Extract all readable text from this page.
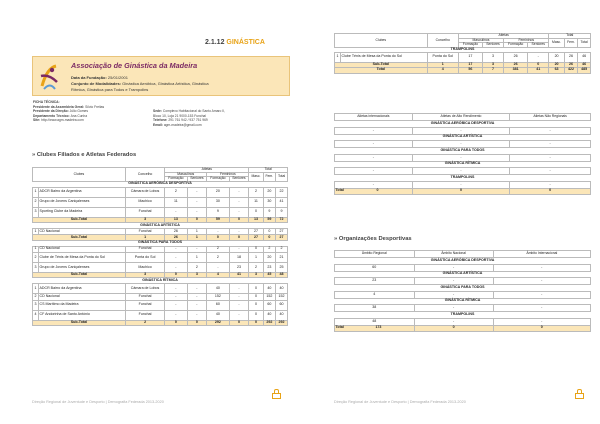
2.1.12 GINÁSTICA
Associação de Ginástica da Madeira
Data da Fundação: 25/01/2001
Conjunto de Modalidades: Ginástica Aeróbica, Ginástica Artística, Ginástica
Rítmica, Ginástica para Todos e Trampolins
FICHA TÉCNICA:
Presidente da Assembleia Geral: Sílvio Freitas
Presidente da Direção: Júlio Gomes
Departamento Técnico: Ana Cunha
Site: http://www.agm-madeira.com
Sede: Complexo Habitacional do Santo Amaro II,
Bloco 10, Loja 21 9000-153 Funchal
Telefone: 291 761 942 / 937 751 969
Email: agm-madeira@gmail.com
» Clubes Filiados e Atletas Federados
Clubes		Concelho	Atletas				Total		
			Masculinos		Femininos		Masc.	Fem.	Total
			Formação	Seniores	Formação	Seniores			
GINÁSTICA AERÓBICA DESPORTIVA									
1	ADCR Bairro da Argentina	Câmara de Lobos	2	-	20	-	2	20	22
2	Grupo de Jovens Caniçalenses	Machico	11	-	30	-	11	30	41
3	Sporting Clube da Madeira	Funchal	-	-	9	-	0	9	9
Sub-Total		3	13	0	59	0	13	59	72
GINÁSTICA ARTÍSTICA									
1	CD Nacional	Funchal	26	1	-	-	27	0	27
Sub-Total		1	26	1	0	0	27	0	27
GINÁSTICA PARA TODOS									
1	CD Nacional	Funchal	-	-	2	-	0	2	2
2	Clube de Ténis de Mesa da Ponta do Sol	Ponta do Sol	-	1	2	18	1	20	21
3	Grupo de Jovens Caniçalenses	Machico	-	2	-	23	2	23	25
Sub-Total		3	0	3	4	41	3	45	48
GINÁSTICA RÍTMICA									
1	ADCR Bairro da Argentina	Câmara de Lobos	-	-	40	-	0	40	40
2	CD Nacional	Funchal	-	-	152	-	0	152	152
3	CS Marítimo da Madeira	Funchal	-	-	60	-	0	60	60
4	CF Andorinha de Santo António	Funchal	-	-	40	-	0	40	40
Sub-Total		2	0	0	292	0	0	292	292
Direção Regional de Juventude e Desporto | Demografia Federada 2013-2020
Clubes		Concelho	Atletas				Total		
			Masculinos		Femininos		Masc.	Fem.	Total
			Formação	Seniores	Formação	Seniores			
TRAMPOLINS									
1	Clube Ténis de Mesa da Ponta do Sol	Ponta do Sol	17	3	26	-	20	26	46
Sub-Total		1	17	3	26	0	20	26	46
Total		4	56	7	381	41	63	422	485
Atletas internacionais	Atletas de Alto Rendimento	Atletas Não Regionais
GINÁSTICA AERÓBICA DESPORTIVA		
-	-	-
GINÁSTICA ARTÍSTICA		
-	-	-
GINÁSTICA PARA TODOS		
-	-	-
GINÁSTICA RÍTMICA		
-	-	-
TRAMPOLINS		
-	-	-

Total 0	0	0
» Organizações Desportivas
Âmbito Regional	Âmbito Nacional	Âmbito Internacional
GINÁSTICA AERÓBICA DESPORTIVA		
60	-	-
GINÁSTICA ARTÍSTICA		
23	-	-
GINÁSTICA PARA TODOS		
4	-	-
GINÁSTICA RÍTMICA		
38	-	-
TRAMPOLINS		
48	-	-

Total 173	0	0
Direção Regional de Juventude e Desporto | Demografia Federada 2013-2020
